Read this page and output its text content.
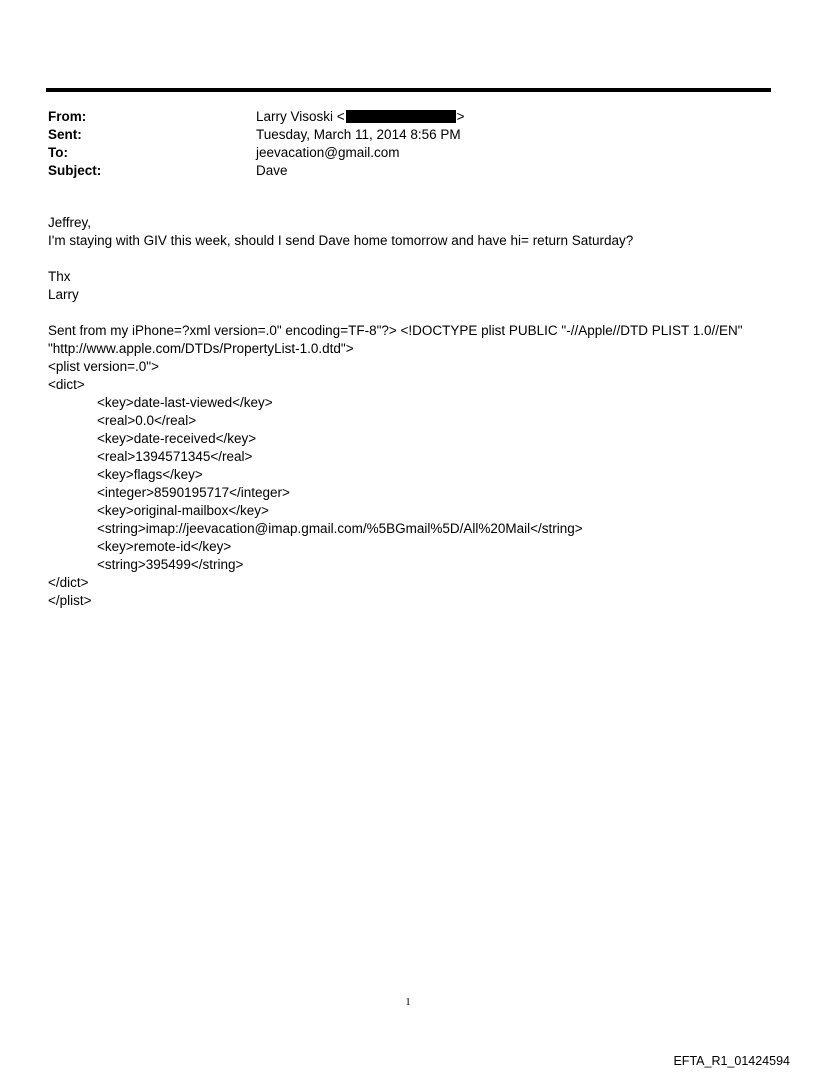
From:	Larry Visoski <	>
Sent:	Tuesday, March 11, 2014 8:56 PM
To:	jeevacation@gmail.com
Subject:	Dave
Jeffrey,
I'm staying with GIV this week, should I send Dave home tomorrow and have hi= return Saturday?
Thx
Larry
Sent from my iPhone=?xml version=.0" encoding=TF-8"?> <!DOCTYPE plist PUBLIC "-//Apple//DTD PLIST 1.0//EN"
"http://www.apple.com/DTDs/PropertyList-1.0.dtd">
<plist version=.0">
<dict>
<key>date-last-viewed</key>
<real>0.0</real>
<key>date-received</key>
<real>1394571345</real>
<key>flags</key>
<integer>8590195717</integer>
<key>original-mailbox</key>
<string>imap://jeevacation@imap.gmail.com/%5BGmail%5D/All%20Mail</string>
<key>remote-id</key>
<string>395499</string>
</dict>
</plist>
1
EFTA_R1_01424594
